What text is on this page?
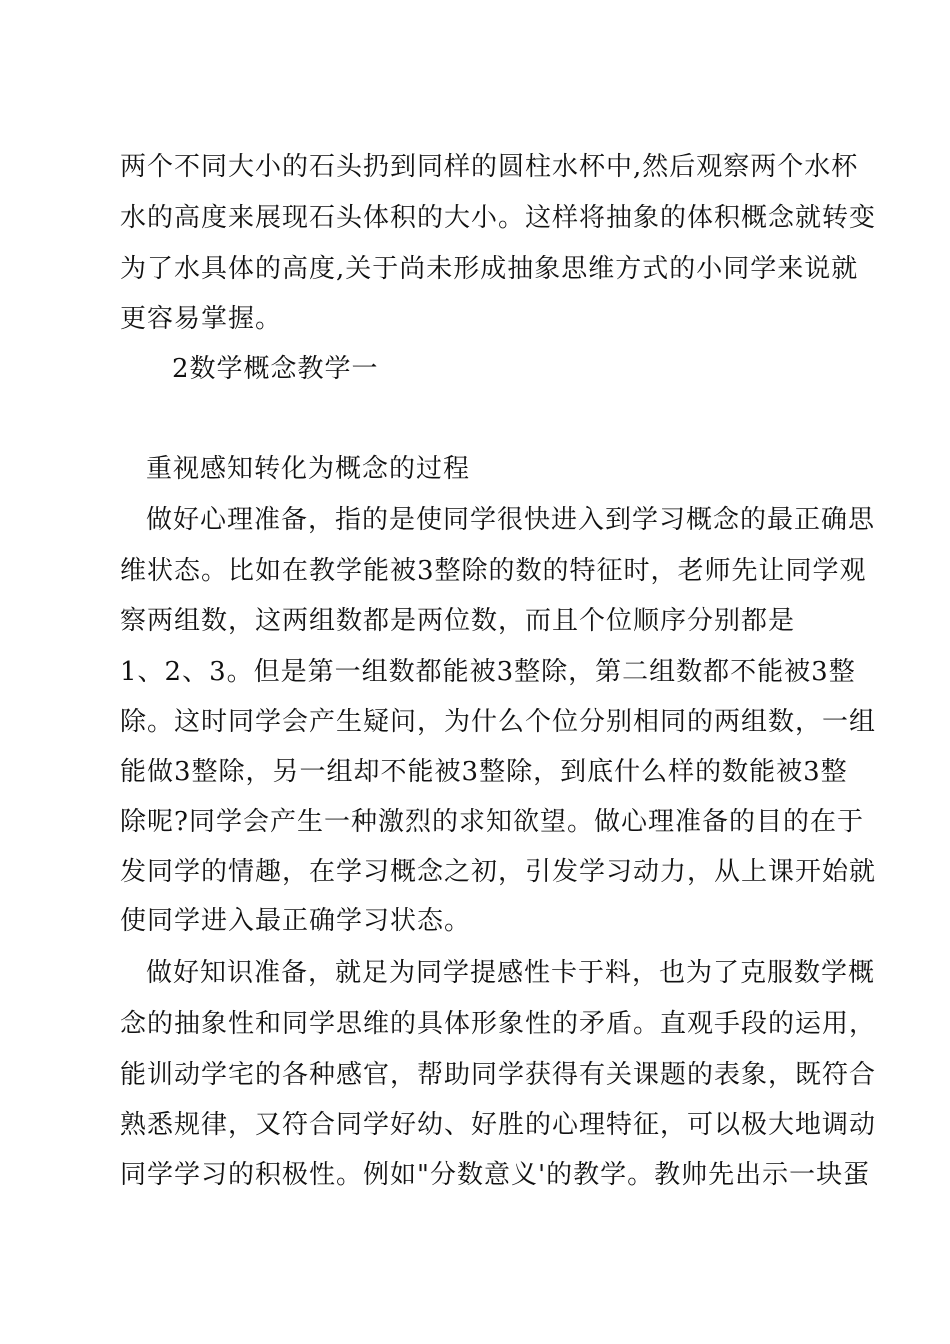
两个不同大小的石头扔到同样的圆柱水杯中,然后观察两个水杯
水的高度来展现石头体积的大小。这样将抽象的体积概念就转变
为了水具体的高度,关于尚未形成抽象思维方式的小同学来说就
更容易掌握。
2数学概念教学一
重视感知转化为概念的过程
做好心理准备，指的是使同学很快进入到学习概念的最正确思
维状态。比如在教学能被3整除的数的特征时，老师先让同学观
察两组数，这两组数都是两位数，而且个位顺序分别都是
1、2、3。但是第一组数都能被3整除，第二组数都不能被3整
除。这时同学会产生疑问，为什么个位分别相同的两组数，一组
能做3整除，另一组却不能被3整除，到底什么样的数能被3整
除呢?同学会产生一种激烈的求知欲望。做心理准备的目的在于
发同学的情趣，在学习概念之初，引发学习动力，从上课开始就
使同学进入最正确学习状态。
做好知识准备，就足为同学提感性卡于料，也为了克服数学概
念的抽象性和同学思维的具体形象性的矛盾。直观手段的运用，
能训动学宅的各种感官，帮助同学获得有关课题的表象，既符合
熟悉规律，又符合同学好幼、好胜的心理特征，可以极大地调动
同学学习的积极性。例如"分数意义'的教学。教帅先出示一块蛋
